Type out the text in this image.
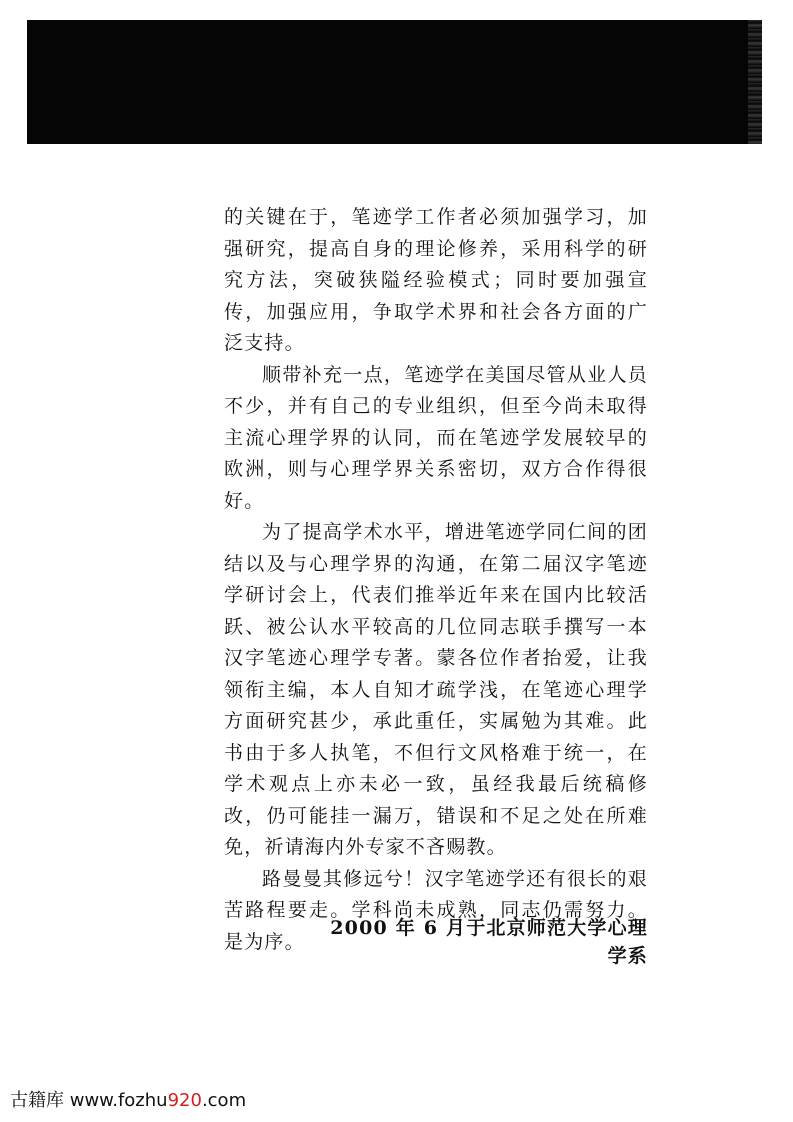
的关键在于，笔迹学工作者必须加强学习，加强研究，提高自身的理论修养，采用科学的研究方法，突破狭隘经验模式；同时要加强宣传，加强应用，争取学术界和社会各方面的广泛支持。

顺带补充一点，笔迹学在美国尽管从业人员不少，并有自己的专业组织，但至今尚未取得主流心理学界的认同，而在笔迹学发展较早的欧洲，则与心理学界关系密切，双方合作得很好。

为了提高学术水平，增进笔迹学同仁间的团结以及与心理学界的沟通，在第二届汉字笔迹学研讨会上，代表们推举近年来在国内比较活跃、被公认水平较高的几位同志联手撰写一本汉字笔迹心理学专著。蒙各位作者抬爱，让我领衔主编，本人自知才疏学浅，在笔迹心理学方面研究甚少，承此重任，实属勉为其难。此书由于多人执笔，不但行文风格难于统一，在学术观点上亦未必一致，虽经我最后统稿修改，仍可能挂一漏万，错误和不足之处在所难免，祈请海内外专家不吝赐教。

路曼曼其修远兮！汉字笔迹学还有很长的艰苦路程要走。学科尚未成熟，同志仍需努力。是为序。

2000 年 6 月于北京师范大学心理学系
古籍库 www.fozhu920.com
